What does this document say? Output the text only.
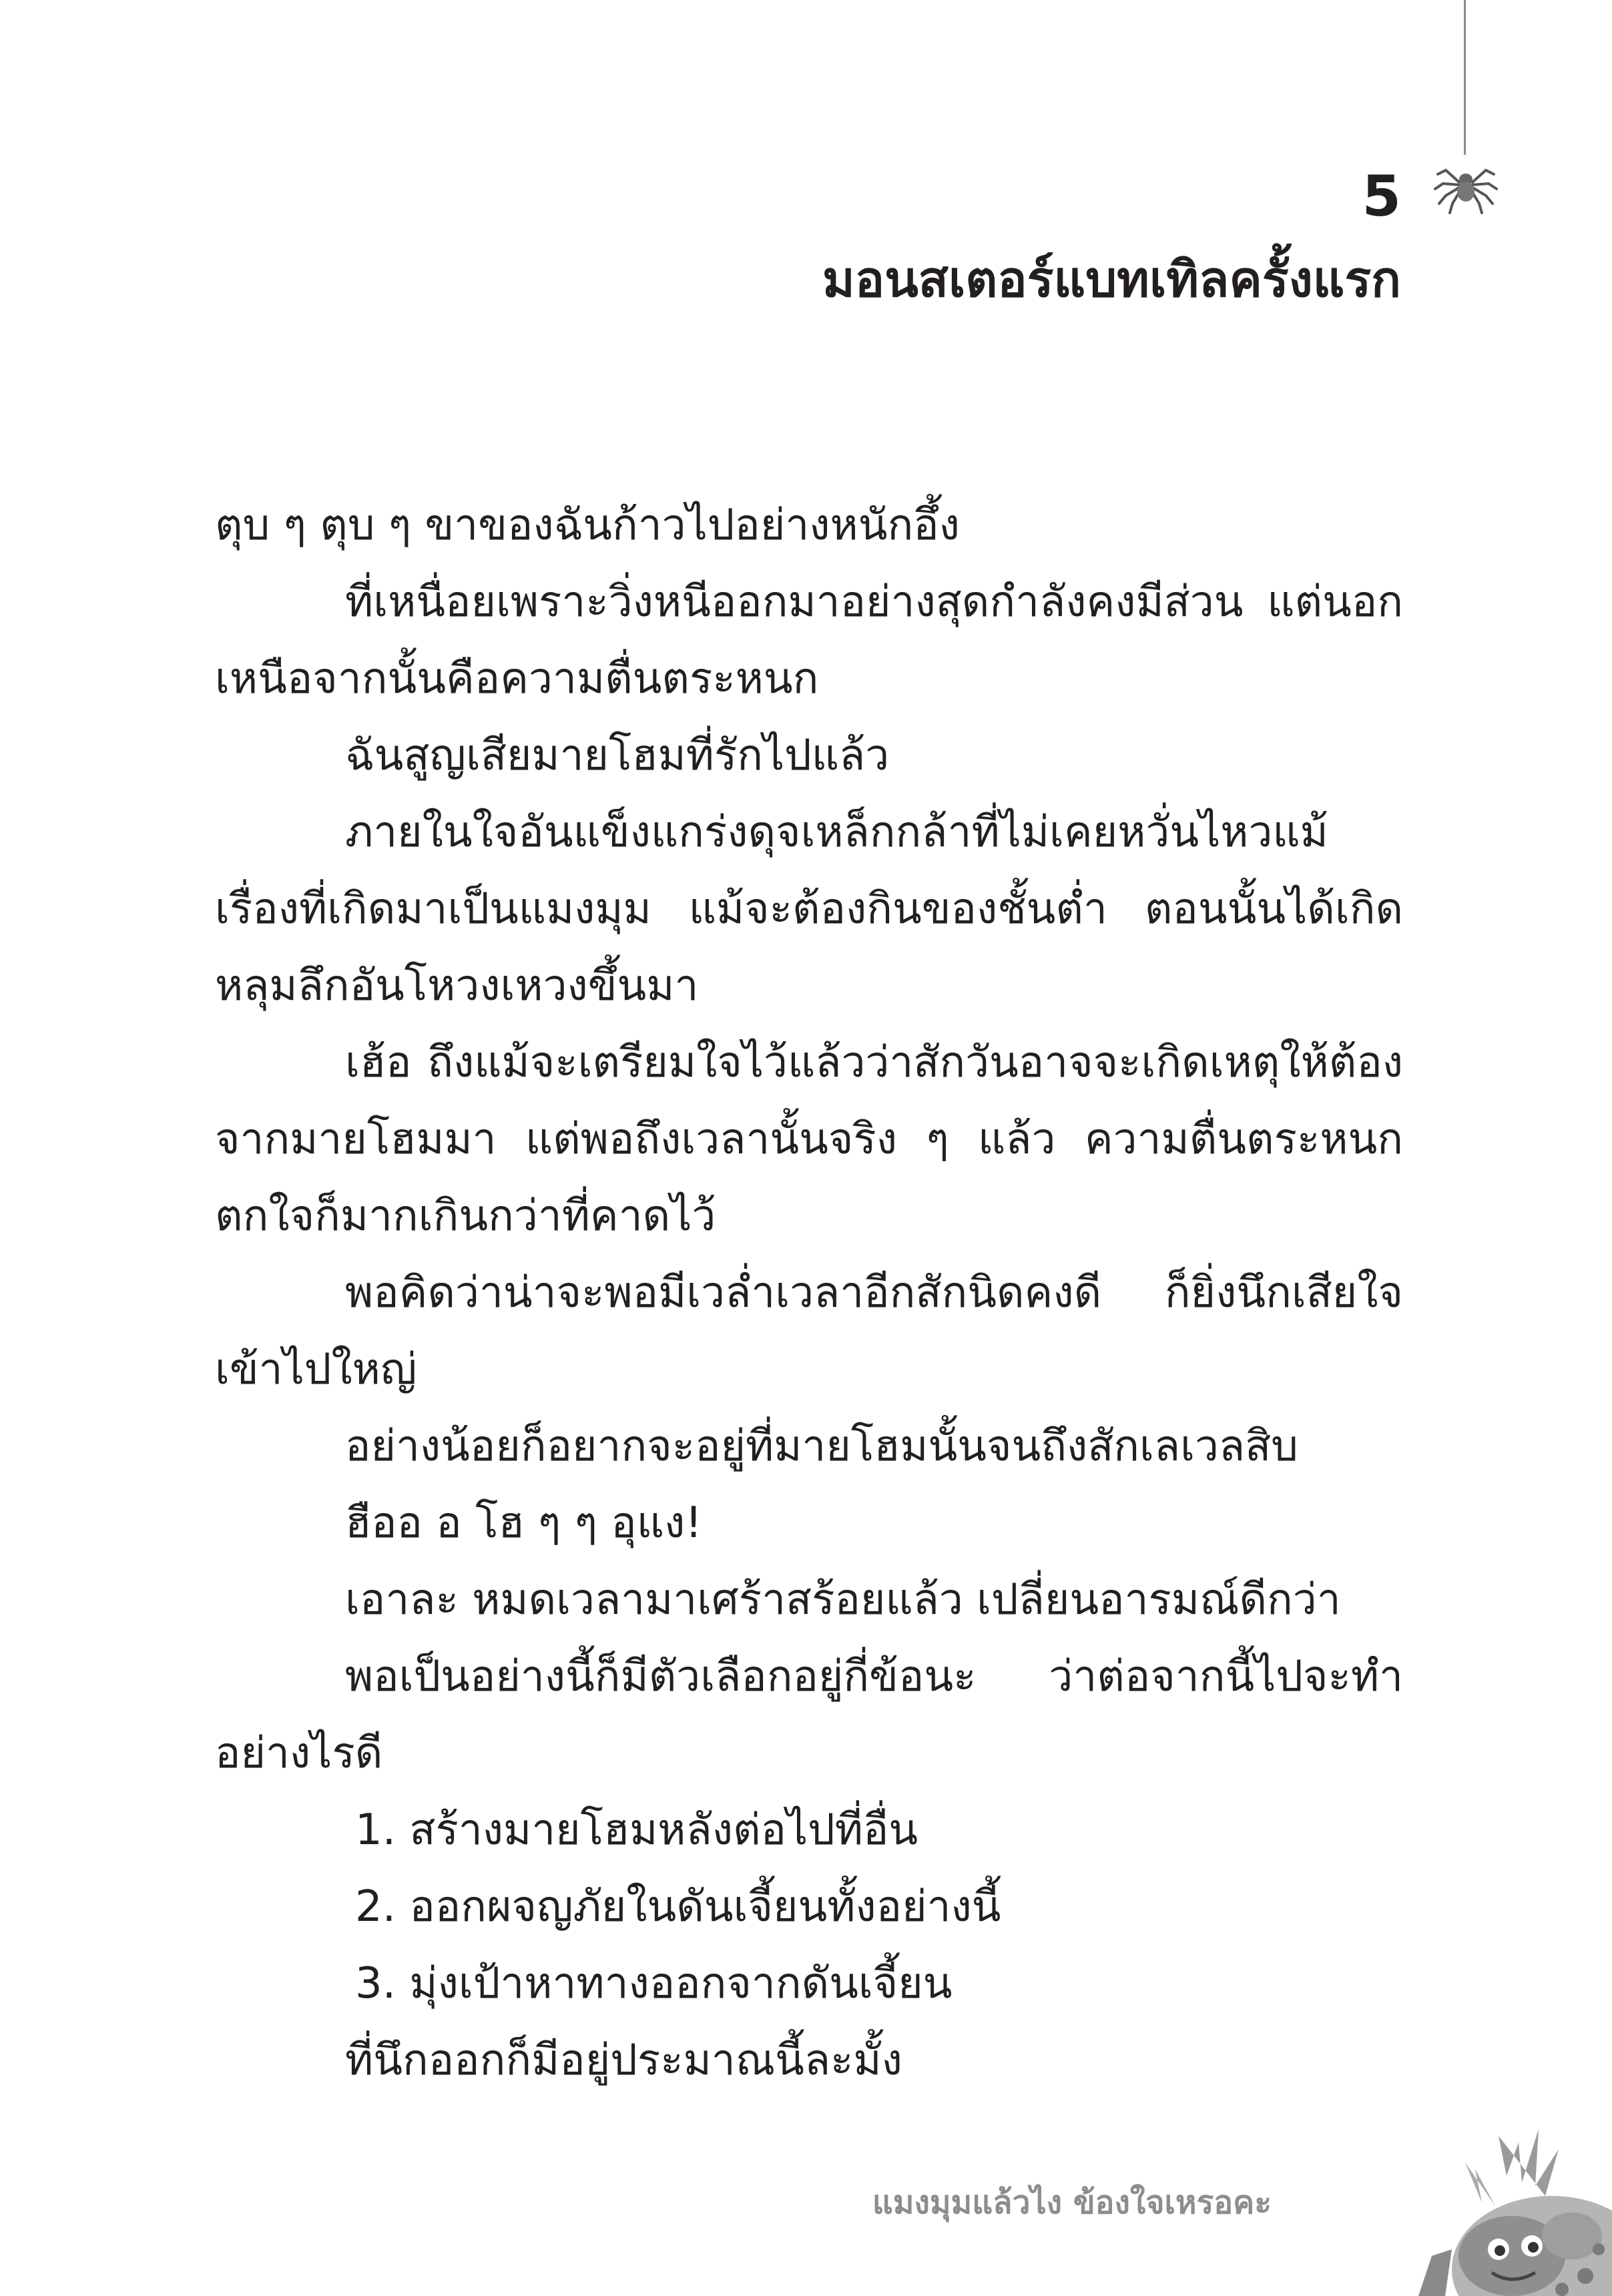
5
มอนสเตอร์แบทเทิลครั้งแรก

ตุบ ๆ ตุบ ๆ ขาของฉันก้าวไปอย่างหนักอึ้ง

ที่เหนื่อยเพราะวิ่งหนีออกมาอย่างสุดกำลังคงมีส่วน แต่นอกเหนือจากนั้นคือความตื่นตระหนก

ฉันสูญเสียมายโฮมที่รักไปแล้ว

ภายในใจอันแข็งแกร่งดุจเหล็กกล้าที่ไม่เคยหวั่นไหวแม้เรื่องที่เกิดมาเป็นแมงมุม แม้จะต้องกินของชั้นต่ำ ตอนนั้นได้เกิดหลุมลึกอันโหวงเหวงขึ้นมา

เฮ้อ ถึงแม้จะเตรียมใจไว้แล้วว่าสักวันอาจจะเกิดเหตุให้ต้องจากมายโฮมมา แต่พอถึงเวลานั้นจริง ๆ แล้ว ความตื่นตระหนกตกใจก็มากเกินกว่าที่คาดไว้

พอคิดว่าน่าจะพอมีเวล่ำเวลาอีกสักนิดคงดี ก็ยิ่งนึกเสียใจเข้าไปใหญ่

อย่างน้อยก็อยากจะอยู่ที่มายโฮมนั้นจนถึงสักเลเวลสิบ

ฮืออ อ โฮ ๆ ๆ อุแง!

เอาละ หมดเวลามาเศร้าสร้อยแล้ว เปลี่ยนอารมณ์ดีกว่า

พอเป็นอย่างนี้ก็มีตัวเลือกอยู่กี่ข้อนะ ว่าต่อจากนี้ไปจะทำอย่างไรดี

1. สร้างมายโฮมหลังต่อไปที่อื่น

2. ออกผจญภัยในดันเจี้ยนทั้งอย่างนี้

3. มุ่งเป้าหาทางออกจากดันเจี้ยน

ที่นึกออกก็มีอยู่ประมาณนี้ละมั้ง

แมงมุมแล้วไง ข้องใจเหรอคะ
